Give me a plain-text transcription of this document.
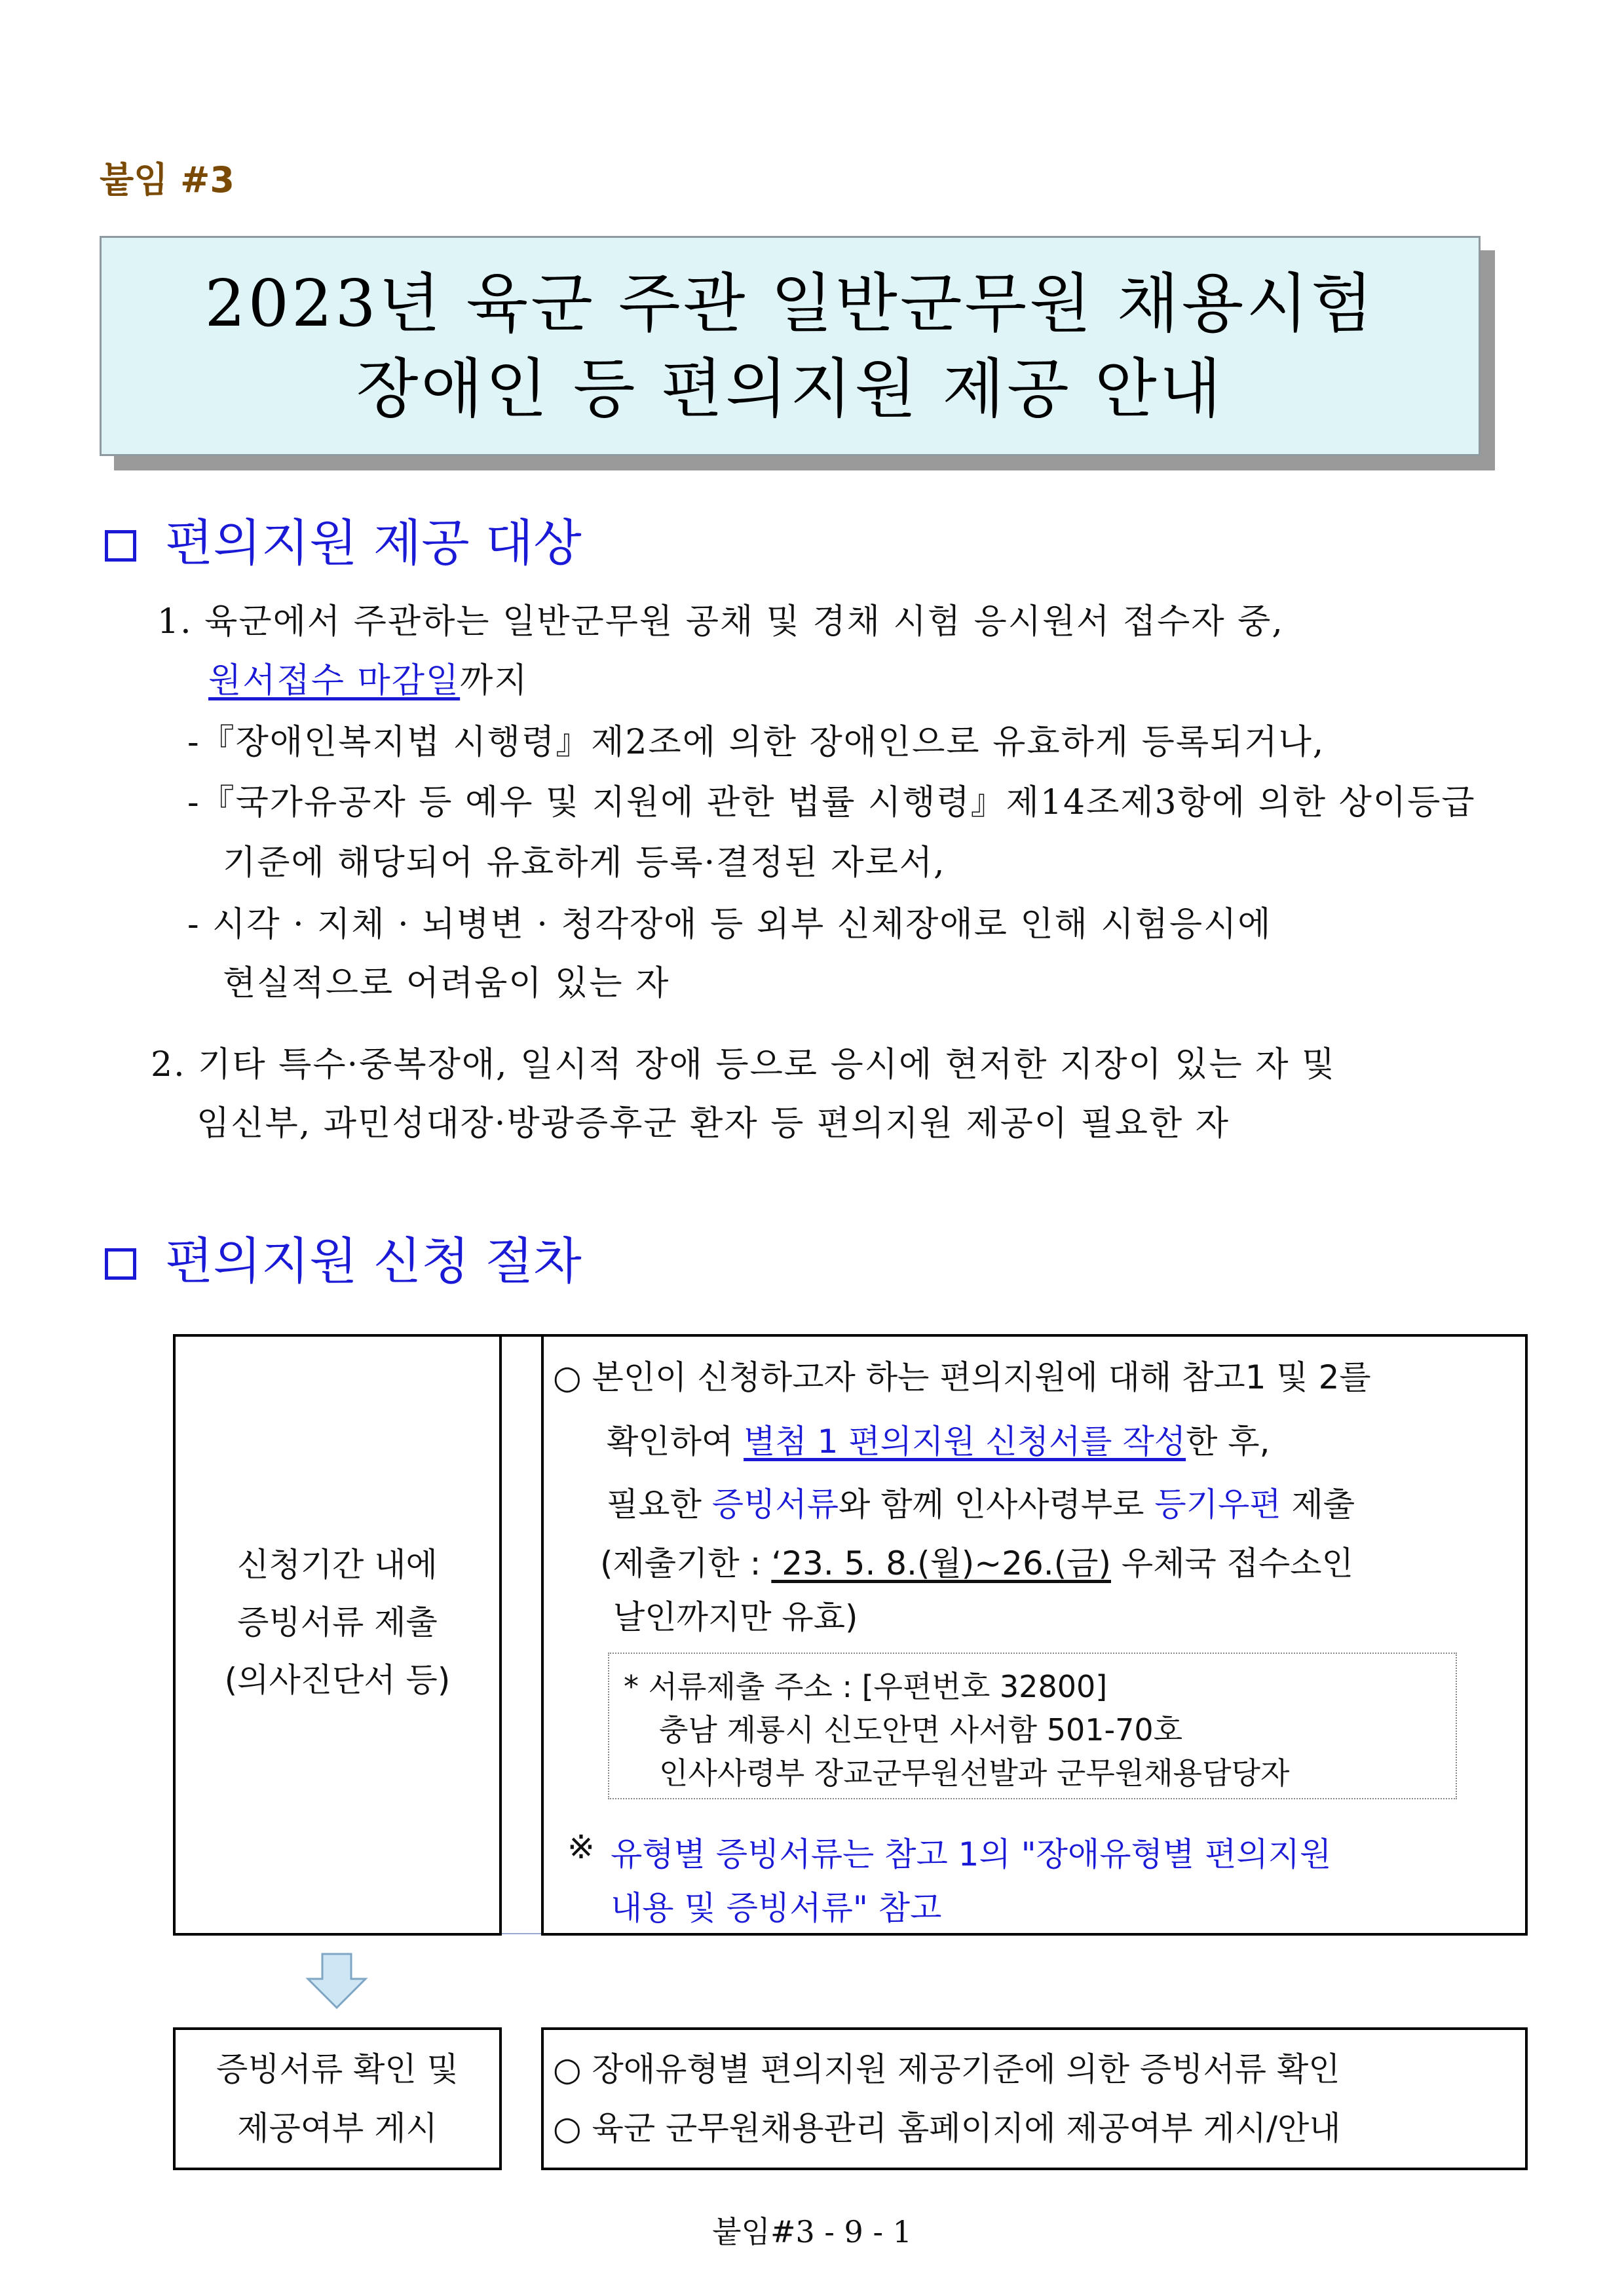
붙임 #3
2023년 육군 주관 일반군무원 채용시험
장애인 등 편의지원 제공 안내
편의지원 제공 대상
1. 육군에서 주관하는 일반군무원 공채 및 경채 시험 응시원서 접수자 중,
원서접수 마감일까지
-『장애인복지법 시행령』제2조에 의한 장애인으로 유효하게 등록되거나,
-『국가유공자 등 예우 및 지원에 관한 법률 시행령』제14조제3항에 의한 상이등급
기준에 해당되어 유효하게 등록·결정된 자로서,
- 시각 · 지체 · 뇌병변 · 청각장애 등 외부 신체장애로 인해 시험응시에
현실적으로 어려움이 있는 자
2. 기타 특수·중복장애, 일시적 장애 등으로 응시에 현저한 지장이 있는 자 및
임신부, 과민성대장·방광증후군 환자 등 편의지원 제공이 필요한 자
편의지원 신청 절차
신청기간 내에
증빙서류 제출
(의사진단서 등)
○ 본인이 신청하고자 하는 편의지원에 대해 참고1 및 2를
확인하여 별첨 1 편의지원 신청서를 작성한 후,
필요한 증빙서류와 함께 인사사령부로 등기우편 제출
(제출기한 : ‘23. 5. 8.(월)~26.(금) 우체국 접수소인
날인까지만 유효)
* 서류제출 주소 : [우편번호 32800]
충남 계룡시 신도안면 사서함 501-70호
인사사령부 장교군무원선발과 군무원채용담당자
※ 유형별 증빙서류는 참고 1의 "장애유형별 편의지원
내용 및 증빙서류" 참고
증빙서류 확인 및
제공여부 게시
○ 장애유형별 편의지원 제공기준에 의한 증빙서류 확인
○ 육군 군무원채용관리 홈페이지에 제공여부 게시/안내
붙임#3 - 9 - 1
